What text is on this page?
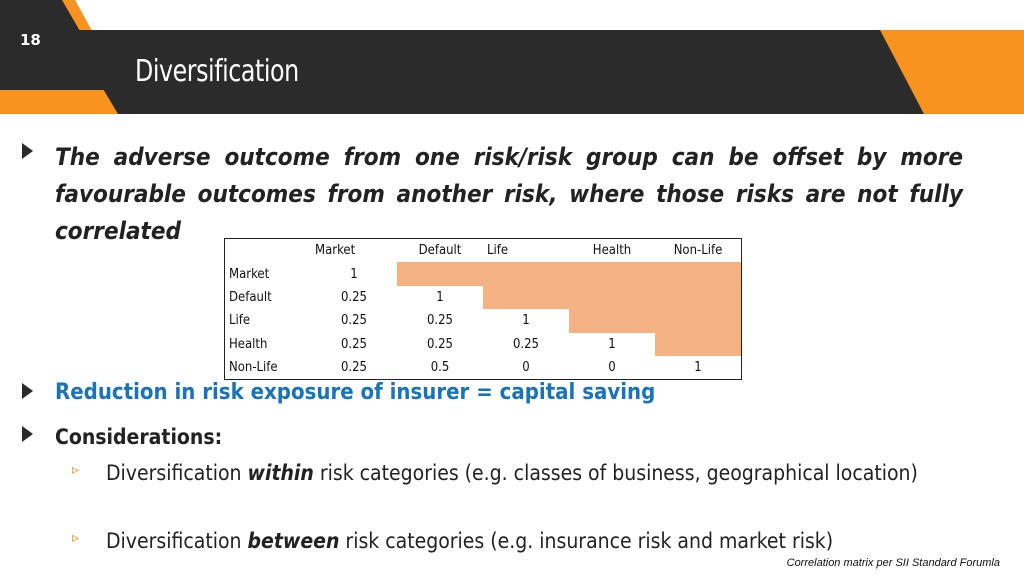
18
Diversification
The adverse outcome from one risk/risk group can be offset by more favourable outcomes from another risk, where those risks are not fully correlated
	Market	Default	Life	Health	Non-Life
Market	1				
Default	0.25	1			
Life	0.25	0.25	1		
Health	0.25	0.25	0.25	1	
Non-Life	0.25	0.5	0	0	1
Reduction in risk exposure of insurer = capital saving
Considerations:
▹ Diversification within risk categories (e.g. classes of business, geographical location)
▹ Diversification between risk categories (e.g. insurance risk and market risk)
Correlation matrix per SII Standard Forumla
